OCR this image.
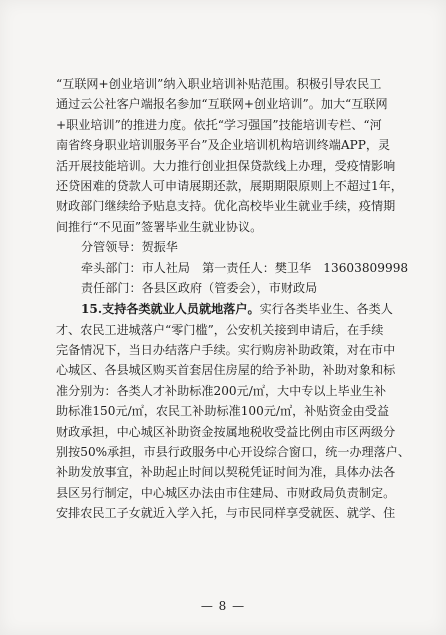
“互联网+创业培训”纳入职业培训补贴范围。积极引导农民工
通过云公社客户端报名参加“互联网+创业培训”。加大“互联网
+职业培训”的推进力度。依托“学习强国”技能培训专栏、“河
南省终身职业培训服务平台”及企业培训机构培训终端APP，灵
活开展技能培训。大力推行创业担保贷款线上办理，受疫情影响
还贷困难的贷款人可申请展期还款，展期期限原则上不超过1年，
财政部门继续给予贴息支持。优化高校毕业生就业手续，疫情期
间推行“不见面”签署毕业生就业协议。
分管领导：贺振华
牵头部门：市人社局　第一责任人：樊卫华　13603809998
责任部门：各县区政府（管委会），市财政局
15.支持各类就业人员就地落户。实行各类毕业生、各类人
才、农民工进城落户“零门槛”，公安机关接到申请后，在手续
完备情况下，当日办结落户手续。实行购房补助政策，对在市中
心城区、各县城区购买首套居住房屋的给予补助，补助对象和标
准分别为：各类人才补助标准200元/㎡，大中专以上毕业生补
助标准150元/㎡，农民工补助标准100元/㎡，补贴资金由受益
财政承担，中心城区补助资金按属地税收受益比例由市区两级分
别按50%承担，市县行政服务中心开设综合窗口，统一办理落户、
补助发放事宜，补助起止时间以契税凭证时间为准，具体办法各
县区另行制定，中心城区办法由市住建局、市财政局负责制定。
安排农民工子女就近入学入托，与市民同样享受就医、就学、住
— 8 —
